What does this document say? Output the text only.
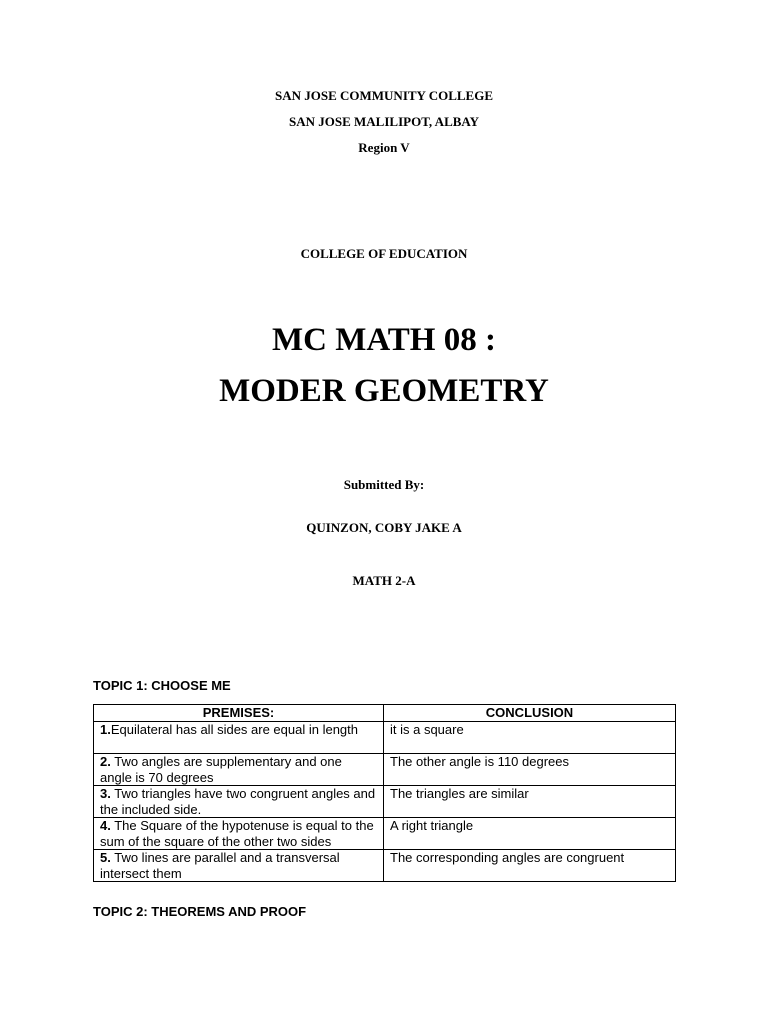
SAN JOSE COMMUNITY COLLEGE
SAN JOSE MALILIPOT, ALBAY
Region V
COLLEGE OF EDUCATION
MC MATH 08 :
MODER GEOMETRY
Submitted By:
QUINZON, COBY JAKE A
MATH 2-A
TOPIC 1: CHOOSE ME
PREMISES:	CONCLUSION
1.Equilateral has all sides are equal in length	it is a square
2. Two angles are supplementary and one angle is 70 degrees	The other angle is 110 degrees
3. Two triangles have two congruent angles and the included side.	The triangles are similar
4. The Square of the hypotenuse is equal to the sum of the square of the other two sides	A right triangle
5. Two lines are parallel and a transversal intersect them	The corresponding angles are congruent
TOPIC 2: THEOREMS AND PROOF
